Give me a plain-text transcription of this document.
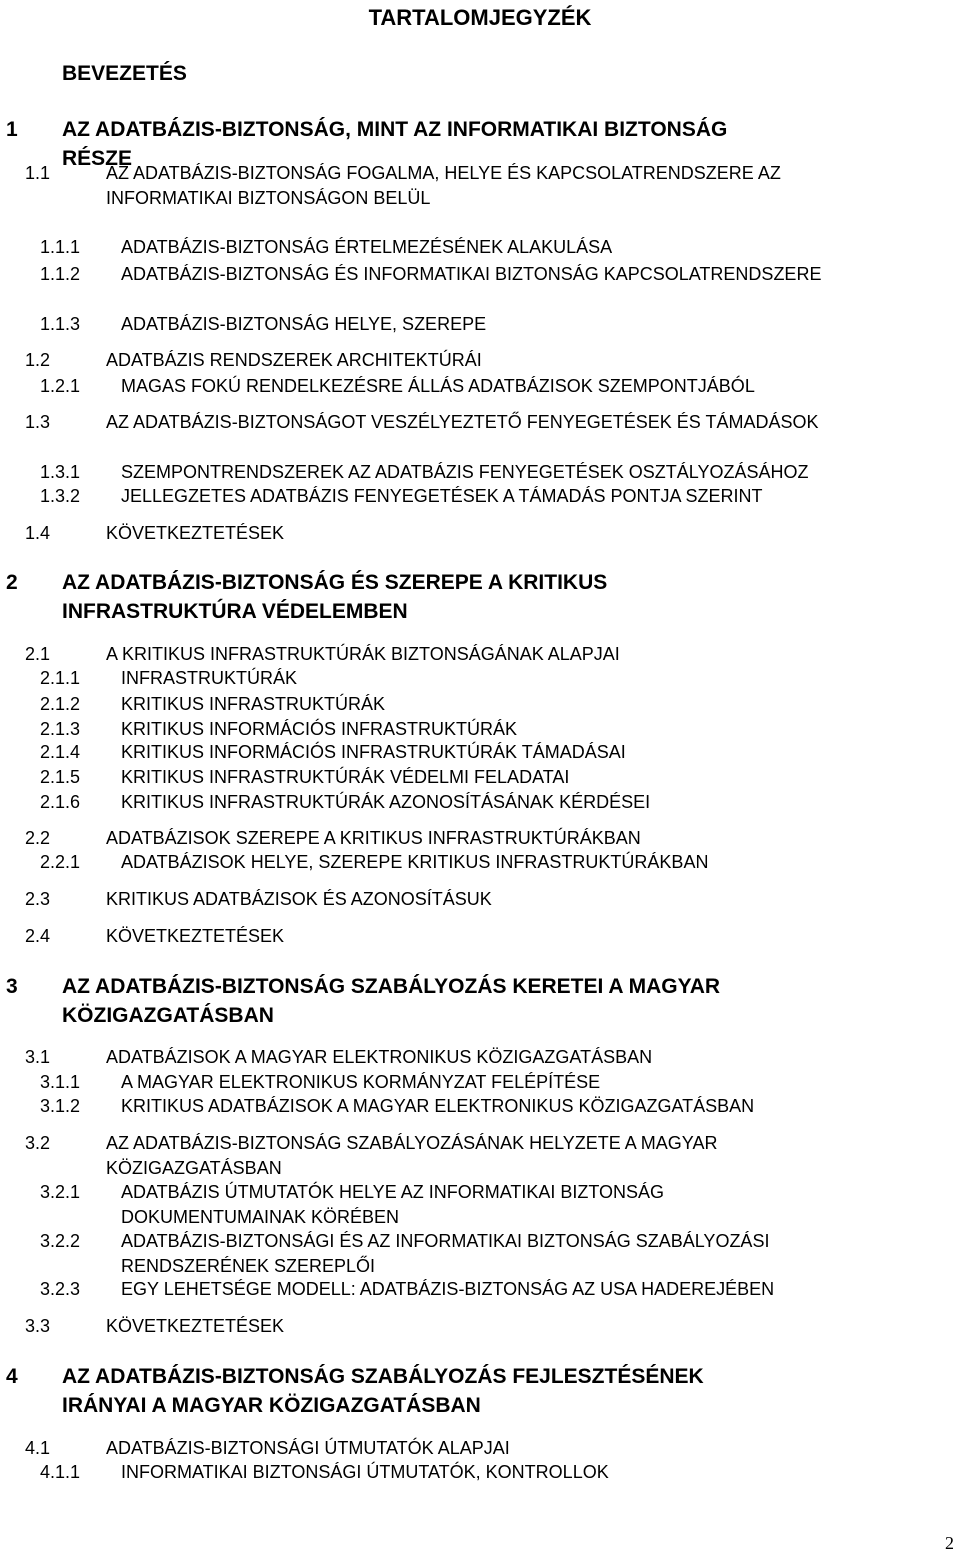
TARTALOMJEGYZÉK
BEVEZETÉS
1 AZ ADATBÁZIS-BIZTONSÁG, MINT AZ INFORMATIKAI BIZTONSÁG
RÉSZE
1.1	AZ ADATBÁZIS-BIZTONSÁG FOGALMA, HELYE ÉS KAPCSOLATRENDSZERE AZ
INFORMATIKAI BIZTONSÁGON BELÜL
1.1.1 ADATBÁZIS-BIZTONSÁG ÉRTELMEZÉSÉNEK ALAKULÁSA
1.1.2 ADATBÁZIS-BIZTONSÁG ÉS INFORMATIKAI BIZTONSÁG KAPCSOLATRENDSZERE
1.1.3 ADATBÁZIS-BIZTONSÁG HELYE, SZEREPE
1.2	ADATBÁZIS RENDSZEREK ARCHITEKTÚRÁI
1.2.1 MAGAS FOKÚ RENDELKEZÉSRE ÁLLÁS ADATBÁZISOK SZEMPONTJÁBÓL
1.3	AZ ADATBÁZIS-BIZTONSÁGOT VESZÉLYEZTETŐ FENYEGETÉSEK ÉS TÁMADÁSOK
1.3.1 SZEMPONTRENDSZEREK AZ ADATBÁZIS FENYEGETÉSEK OSZTÁLYOZÁSÁHOZ
1.3.2 JELLEGZETES ADATBÁZIS FENYEGETÉSEK A TÁMADÁS PONTJA SZERINT
1.4	KÖVETKEZTETÉSEK
2 AZ ADATBÁZIS-BIZTONSÁG ÉS SZEREPE A KRITIKUS
INFRASTRUKTÚRA VÉDELEMBEN
2.1	A KRITIKUS INFRASTRUKTÚRÁK BIZTONSÁGÁNAK ALAPJAI
2.1.1 INFRASTRUKTÚRÁK
2.1.2 KRITIKUS INFRASTRUKTÚRÁK
2.1.3 KRITIKUS INFORMÁCIÓS INFRASTRUKTÚRÁK
2.1.4 KRITIKUS INFORMÁCIÓS INFRASTRUKTÚRÁK TÁMADÁSAI
2.1.5 KRITIKUS INFRASTRUKTÚRÁK VÉDELMI FELADATAI
2.1.6 KRITIKUS INFRASTRUKTÚRÁK AZONOSÍTÁSÁNAK KÉRDÉSEI
2.2	ADATBÁZISOK SZEREPE A KRITIKUS INFRASTRUKTÚRÁKBAN
2.2.1 ADATBÁZISOK HELYE, SZEREPE KRITIKUS INFRASTRUKTÚRÁKBAN
2.3	KRITIKUS ADATBÁZISOK ÉS AZONOSÍTÁSUK
2.4	KÖVETKEZTETÉSEK
3 AZ ADATBÁZIS-BIZTONSÁG SZABÁLYOZÁS KERETEI A MAGYAR
KÖZIGAZGATÁSBAN
3.1	ADATBÁZISOK A MAGYAR ELEKTRONIKUS KÖZIGAZGATÁSBAN
3.1.1 A MAGYAR ELEKTRONIKUS KORMÁNYZAT FELÉPÍTÉSE
3.1.2 KRITIKUS ADATBÁZISOK A MAGYAR ELEKTRONIKUS KÖZIGAZGATÁSBAN
3.2	AZ ADATBÁZIS-BIZTONSÁG SZABÁLYOZÁSÁNAK HELYZETE A MAGYAR
KÖZIGAZGATÁSBAN
3.2.1 ADATBÁZIS ÚTMUTATÓK HELYE AZ INFORMATIKAI BIZTONSÁG
DOKUMENTUMAINAK KÖRÉBEN
3.2.2 ADATBÁZIS-BIZTONSÁGI ÉS AZ INFORMATIKAI BIZTONSÁG SZABÁLYOZÁSI
RENDSZERÉNEK SZEREPLŐI
3.2.3 EGY LEHETSÉGE MODELL: ADATBÁZIS-BIZTONSÁG AZ USA HADEREJÉBEN
3.3	KÖVETKEZTETÉSEK
4 AZ ADATBÁZIS-BIZTONSÁG SZABÁLYOZÁS FEJLESZTÉSÉNEK
IRÁNYAI A MAGYAR KÖZIGAZGATÁSBAN
4.1	ADATBÁZIS-BIZTONSÁGI ÚTMUTATÓK ALAPJAI
4.1.1 INFORMATIKAI BIZTONSÁGI ÚTMUTATÓK, KONTROLLOK
2
